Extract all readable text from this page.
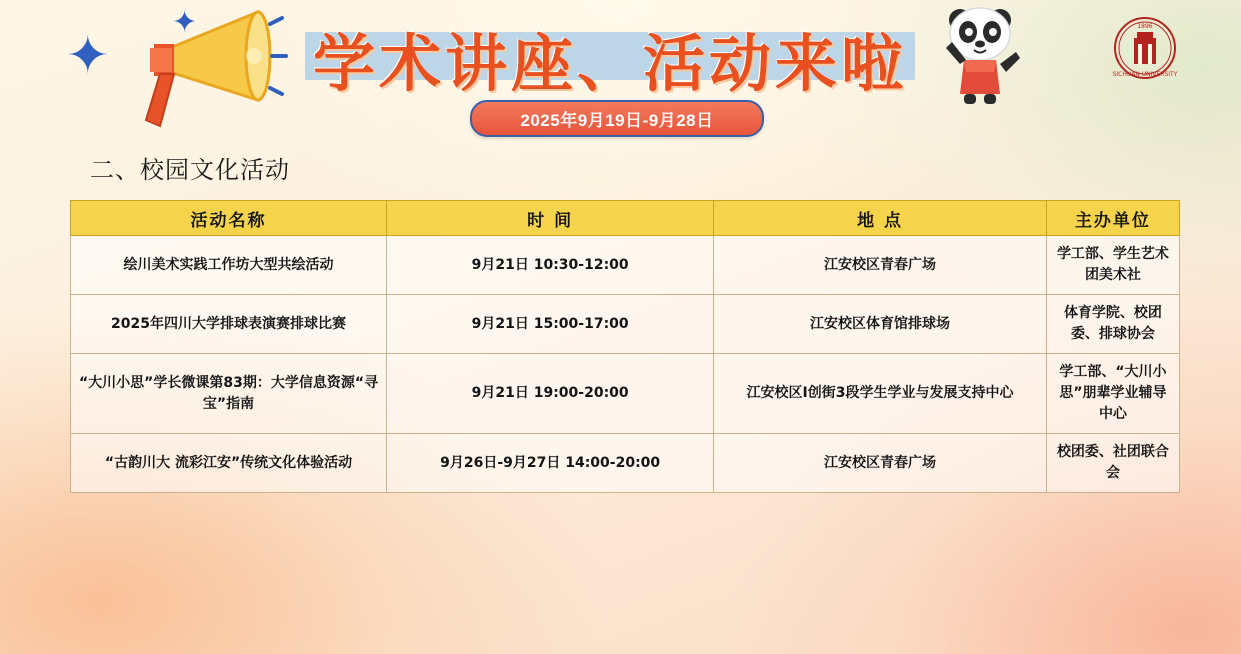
✦
✦
学术讲座、活动来啦
2025年9月19日-9月28日
SICHUAN UNIVERSITY
1896
二、校园文化活动
活动名称	时 间	地 点	主办单位
绘川美术实践工作坊大型共绘活动	9月21日 10:30-12:00	江安校区青春广场	学工部、学生艺术团美术社
2025年四川大学排球表演赛排球比赛	9月21日 15:00-17:00	江安校区体育馆排球场	体育学院、校团委、排球协会
“大川小思”学长微课第83期：大学信息资源“寻宝”指南	9月21日 19:00-20:00	江安校区I创街3段学生学业与发展支持中心	学工部、“大川小思”朋辈学业辅导中心
“古韵川大 流彩江安”传统文化体验活动	9月26日-9月27日 14:00-20:00	江安校区青春广场	校团委、社团联合会
